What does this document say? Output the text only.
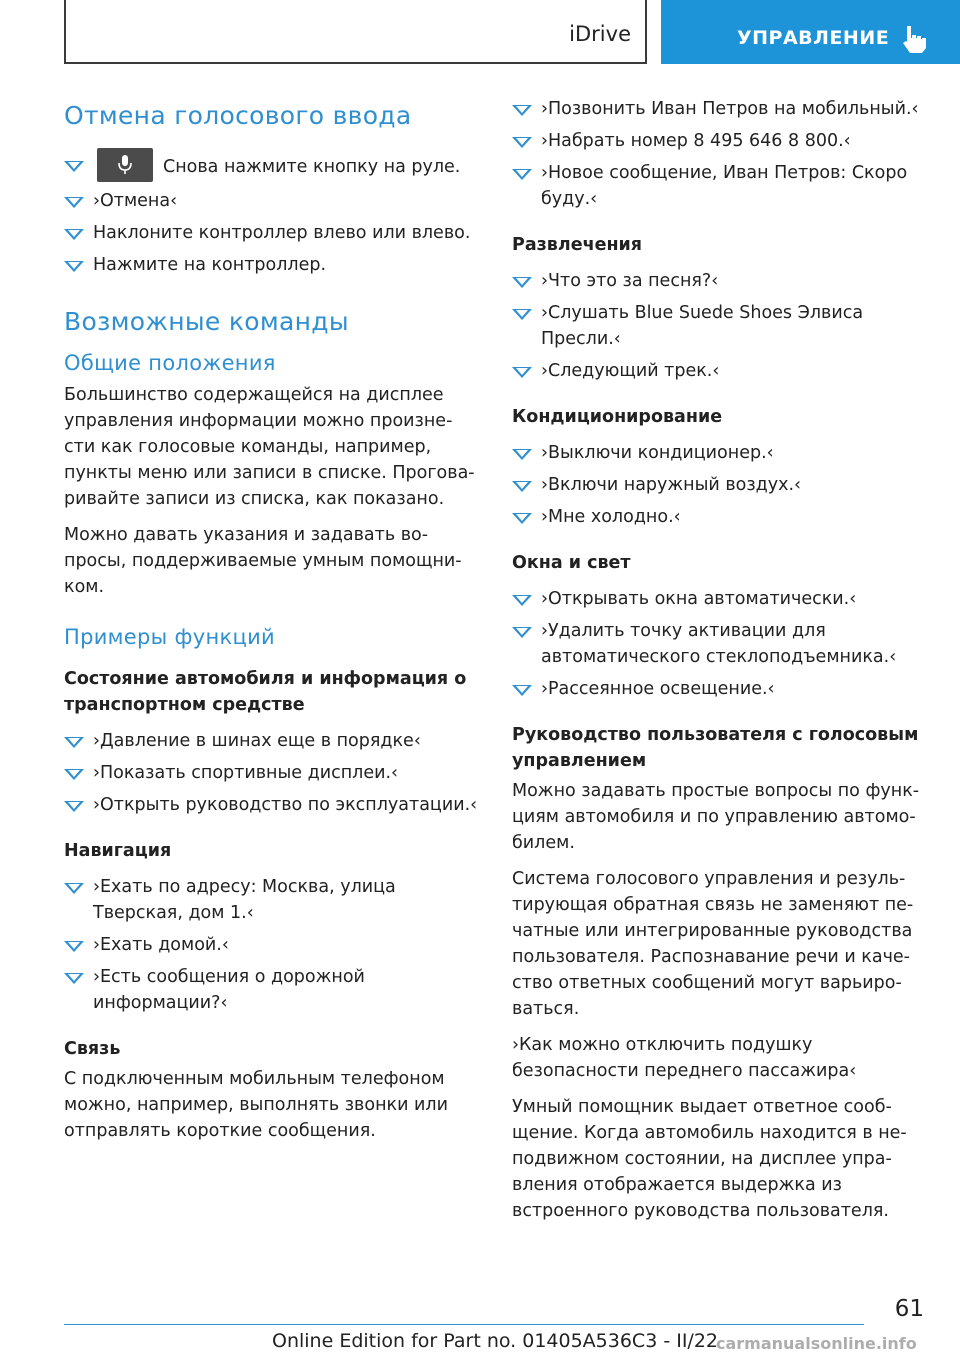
iDrive	УПРАВЛЕНИЕ
Отмена голосового ввода
Снова нажмите кнопку на руле.
›Отмена‹
Наклоните контроллер влево или влево.
Нажмите на контроллер.
Возможные команды
Общие положения

Большинство содержащейся на дисплее управления информации можно произне-сти как голосовые команды, например, пункты меню или записи в списке. Прогова-ривайте записи из списка, как показано.

Можно давать указания и задавать во-просы, поддерживаемые умным помощни-ком.

Примеры функций
Состояние автомобиля и информация о транспортном средстве
›Давление в шинах еще в порядке‹
›Показать спортивные дисплеи.‹
›Открыть руководство по эксплуатации.‹
Навигация
›Ехать по адресу: Москва, улица Тверская, дом 1.‹
›Ехать домой.‹
›Есть сообщения о дорожной информации?‹
Связь

С подключенным мобильным телефоном можно, например, выполнять звонки или отправлять короткие сообщения.

›Позвонить Иван Петров на мобильный.‹
›Набрать номер 8 495 646 8 800.‹
›Новое сообщение, Иван Петров: Скоро буду.‹
Развлечения
›Что это за песня?‹
›Слушать Blue Suede Shoes Элвиса Пресли.‹
›Следующий трек.‹
Кондиционирование
›Выключи кондиционер.‹
›Включи наружный воздух.‹
›Мне холодно.‹
Окна и свет
›Открывать окна автоматически.‹
›Удалить точку активации для автоматического стеклоподъемника.‹
›Рассеянное освещение.‹
Руководство пользователя с голосовым управлением

Можно задавать простые вопросы по функ-циям автомобиля и по управлению автомо-билем.

Система голосового управления и резуль-тирующая обратная связь не заменяют пе-чатные или интегрированные руководства пользователя. Распознавание речи и каче-ство ответных сообщений могут варьиро-ваться.

›Как можно отключить подушку безопасности переднего пассажира‹

Умный помощник выдает ответное сооб-щение. Когда автомобиль находится в не-подвижном состоянии, на дисплее упра-вления отображается выдержка из встроенного руководства пользователя.

61
Online Edition for Part no. 01405A536C3 - II/22
carmanualsonline.info
